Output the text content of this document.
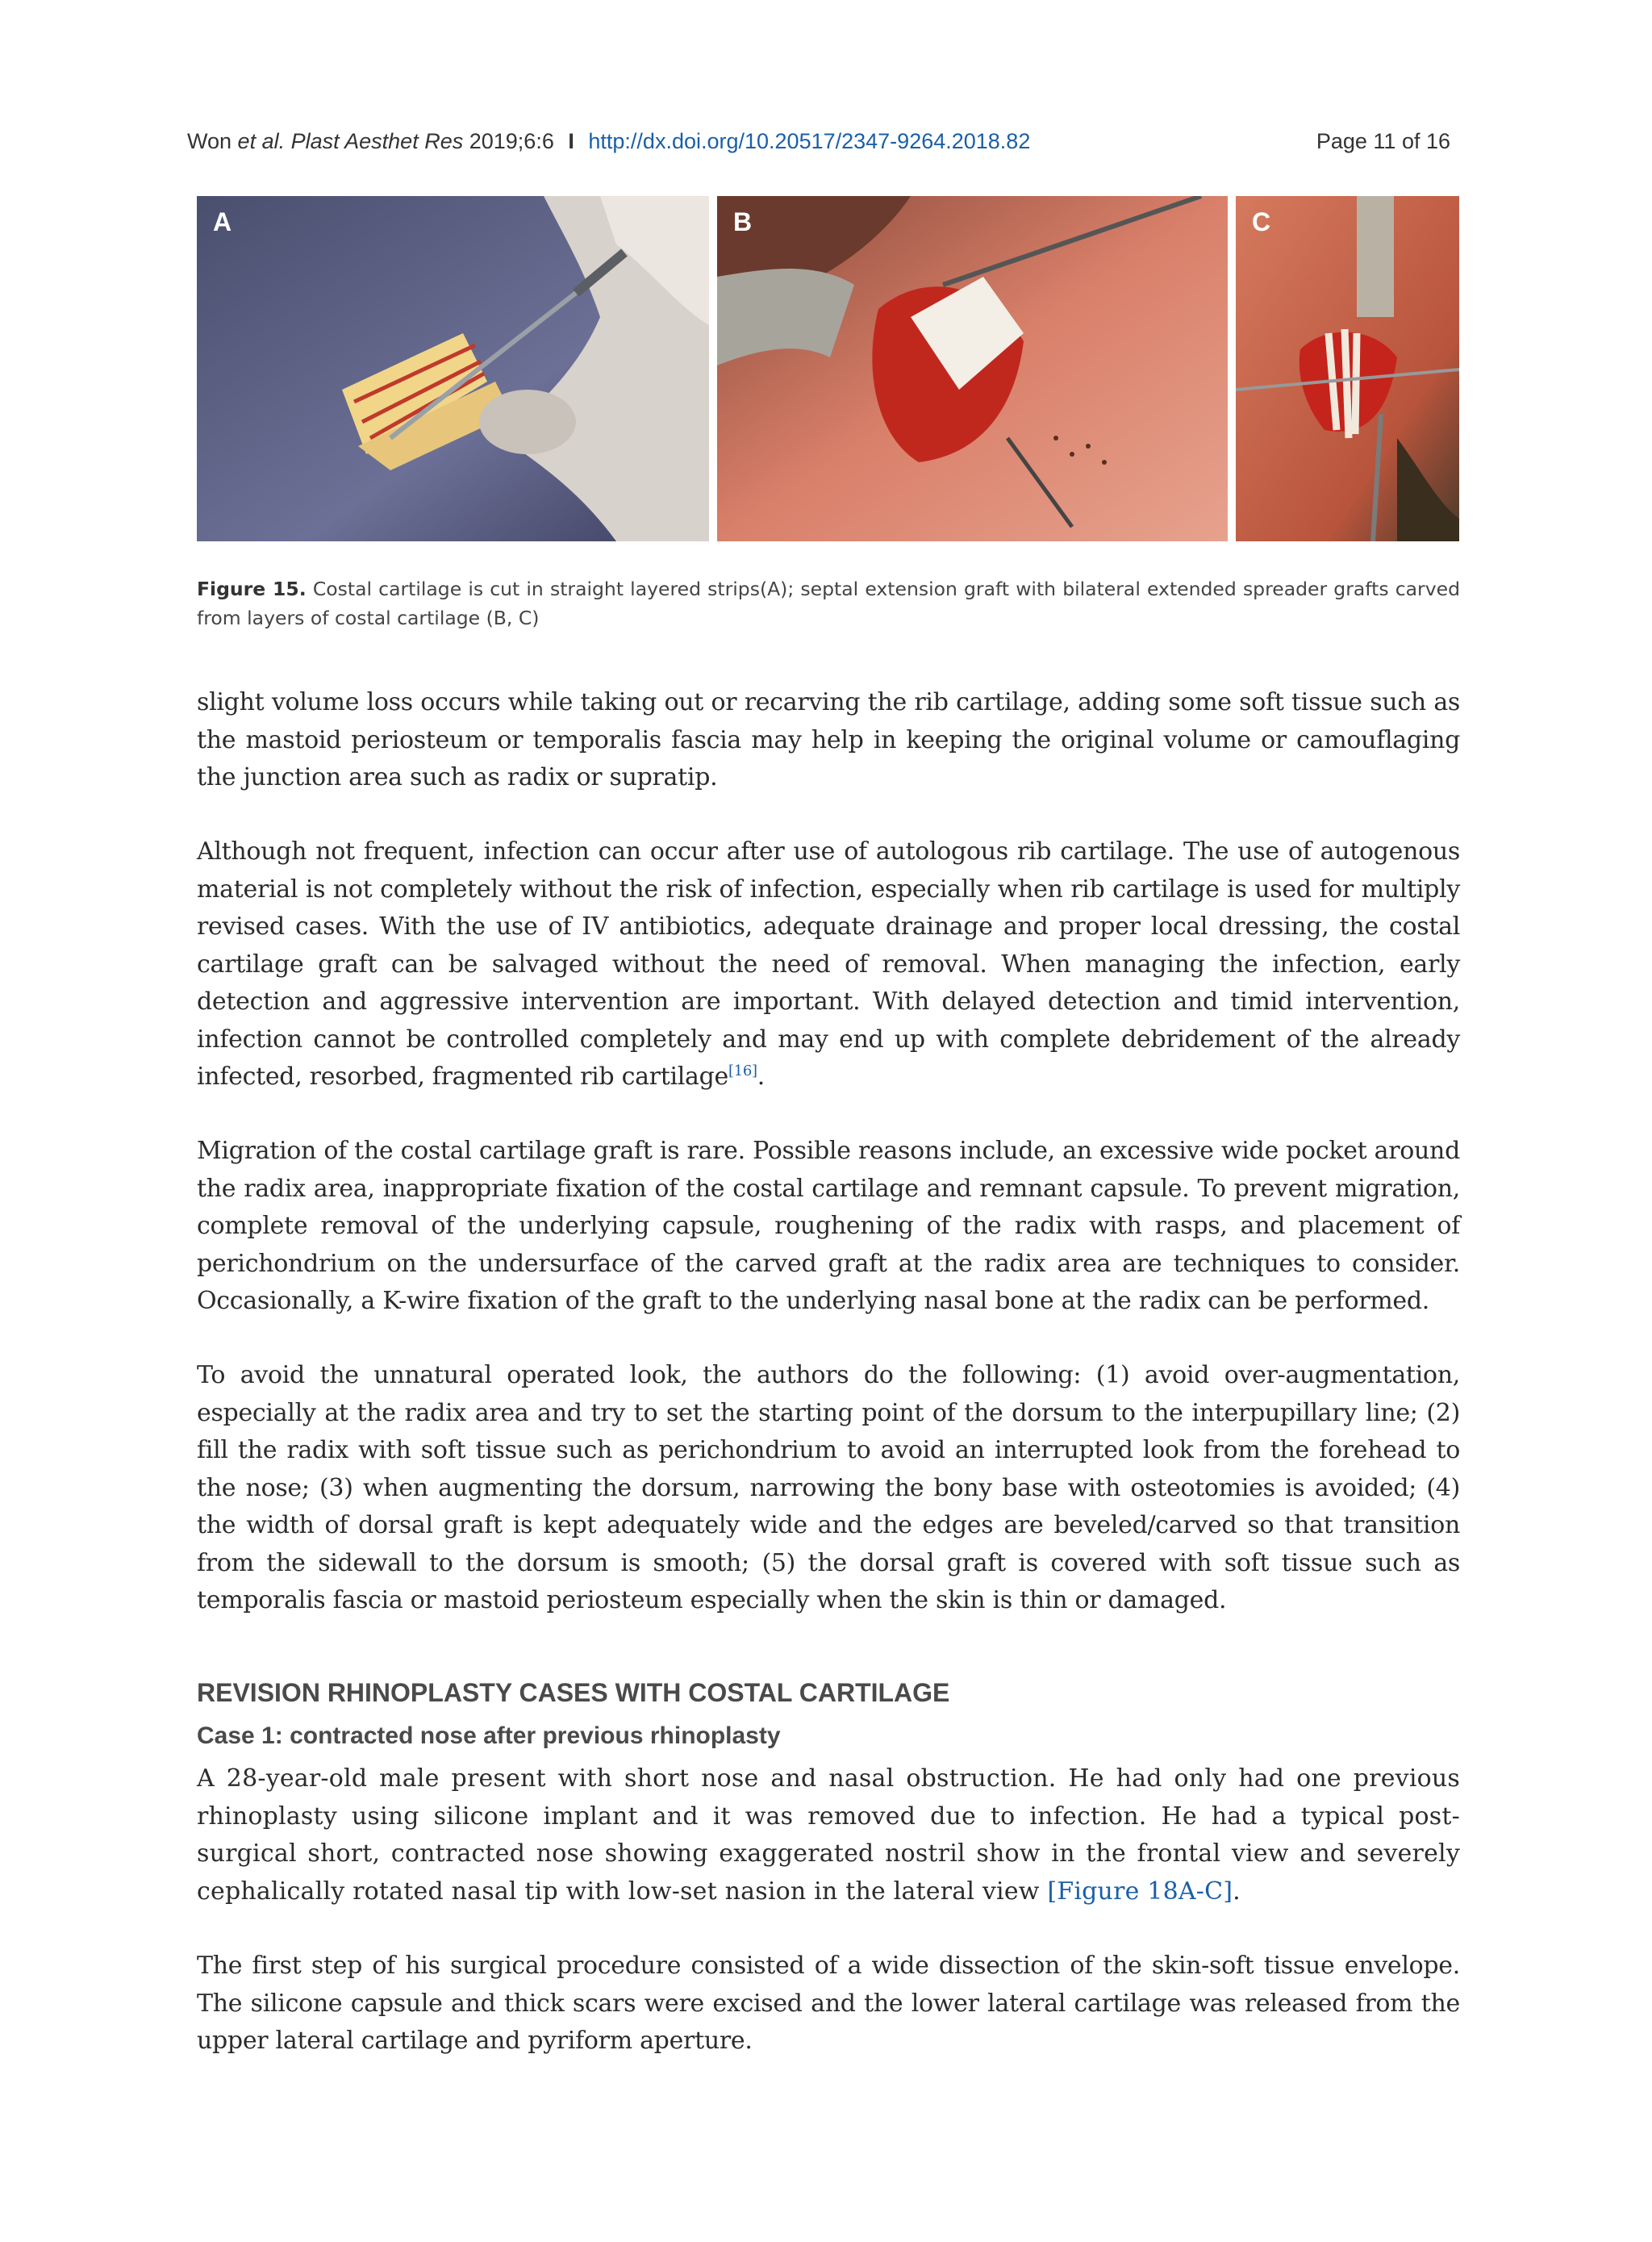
Won et al. Plast Aesthet Res 2019;6:6 I http://dx.doi.org/10.20517/2347-9264.2018.82	Page 11 of 16
A	B	C
Figure 15. Costal cartilage is cut in straight layered strips(A); septal extension graft with bilateral extended spreader grafts carved from layers of costal cartilage (B, C)
slight volume loss occurs while taking out or recarving the rib cartilage, adding some soft tissue such as the mastoid periosteum or temporalis fascia may help in keeping the original volume or camouflaging the junction area such as radix or supratip.
Although not frequent, infection can occur after use of autologous rib cartilage. The use of autogenous material is not completely without the risk of infection, especially when rib cartilage is used for multiply revised cases. With the use of IV antibiotics, adequate drainage and proper local dressing, the costal cartilage graft can be salvaged without the need of removal. When managing the infection, early detection and aggressive intervention are important. With delayed detection and timid intervention, infection cannot be controlled completely and may end up with complete debridement of the already infected, resorbed, fragmented rib cartilage[16].
Migration of the costal cartilage graft is rare. Possible reasons include, an excessive wide pocket around the radix area, inappropriate fixation of the costal cartilage and remnant capsule. To prevent migration, complete removal of the underlying capsule, roughening of the radix with rasps, and placement of perichondrium on the undersurface of the carved graft at the radix area are techniques to consider. Occasionally, a K-wire fixation of the graft to the underlying nasal bone at the radix can be performed.
To avoid the unnatural operated look, the authors do the following: (1) avoid over-augmentation, especially at the radix area and try to set the starting point of the dorsum to the interpupillary line; (2) fill the radix with soft tissue such as perichondrium to avoid an interrupted look from the forehead to the nose; (3) when augmenting the dorsum, narrowing the bony base with osteotomies is avoided; (4) the width of dorsal graft is kept adequately wide and the edges are beveled/carved so that transition from the sidewall to the dorsum is smooth; (5) the dorsal graft is covered with soft tissue such as temporalis fascia or mastoid periosteum especially when the skin is thin or damaged.
REVISION RHINOPLASTY CASES WITH COSTAL CARTILAGE
Case 1: contracted nose after previous rhinoplasty
A 28-year-old male present with short nose and nasal obstruction. He had only had one previous rhinoplasty using silicone implant and it was removed due to infection. He had a typical post-surgical short, contracted nose showing exaggerated nostril show in the frontal view and severely cephalically rotated nasal tip with low-set nasion in the lateral view [Figure 18A-C].
The first step of his surgical procedure consisted of a wide dissection of the skin-soft tissue envelope. The silicone capsule and thick scars were excised and the lower lateral cartilage was released from the upper lateral cartilage and pyriform aperture.
